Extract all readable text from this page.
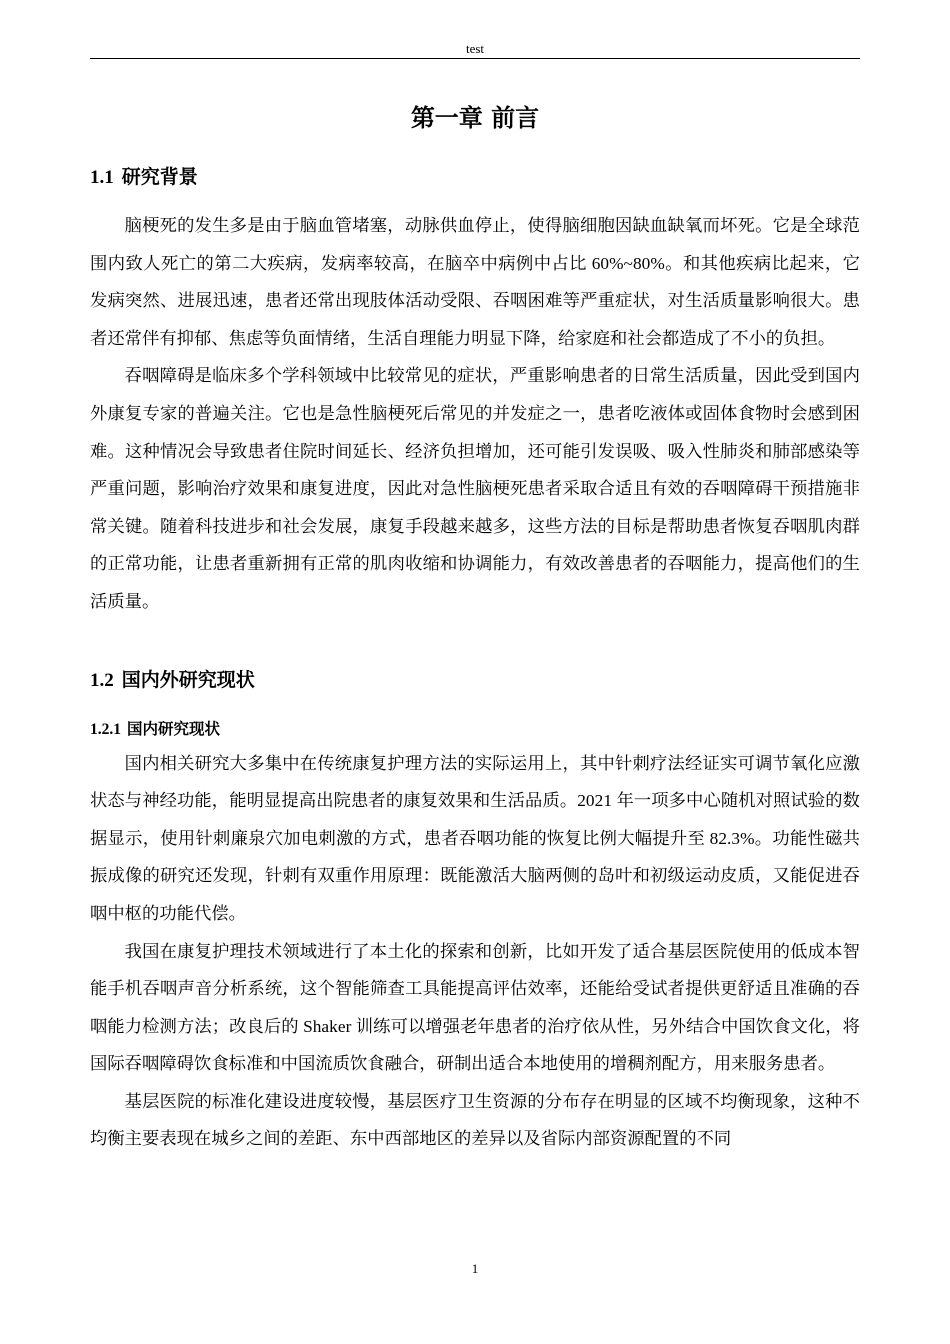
test
第一章 前言
1.1 研究背景

脑梗死的发生多是由于脑血管堵塞，动脉供血停止，使得脑细胞因缺血缺氧而坏死。它是全球范围内致人死亡的第二大疾病，发病率较高，在脑卒中病例中占比 60%~80%。和其他疾病比起来，它发病突然、进展迅速，患者还常出现肢体活动受限、吞咽困难等严重症状，对生活质量影响很大。患者还常伴有抑郁、焦虑等负面情绪，生活自理能力明显下降，给家庭和社会都造成了不小的负担。

吞咽障碍是临床多个学科领域中比较常见的症状，严重影响患者的日常生活质量，因此受到国内外康复专家的普遍关注。它也是急性脑梗死后常见的并发症之一，患者吃液体或固体食物时会感到困难。这种情况会导致患者住院时间延长、经济负担增加，还可能引发误吸、吸入性肺炎和肺部感染等严重问题，影响治疗效果和康复进度，因此对急性脑梗死患者采取合适且有效的吞咽障碍干预措施非常关键。随着科技进步和社会发展，康复手段越来越多，这些方法的目标是帮助患者恢复吞咽肌肉群的正常功能，让患者重新拥有正常的肌肉收缩和协调能力，有效改善患者的吞咽能力，提高他们的生活质量。

1.2 国内外研究现状
1.2.1 国内研究现状

国内相关研究大多集中在传统康复护理方法的实际运用上，其中针刺疗法经证实可调节氧化应激状态与神经功能，能明显提高出院患者的康复效果和生活品质。2021 年一项多中心随机对照试验的数据显示，使用针刺廉泉穴加电刺激的方式，患者吞咽功能的恢复比例大幅提升至 82.3%。功能性磁共振成像的研究还发现，针刺有双重作用原理：既能激活大脑两侧的岛叶和初级运动皮质，又能促进吞咽中枢的功能代偿。

我国在康复护理技术领域进行了本土化的探索和创新，比如开发了适合基层医院使用的低成本智能手机吞咽声音分析系统，这个智能筛查工具能提高评估效率，还能给受试者提供更舒适且准确的吞咽能力检测方法；改良后的 Shaker 训练可以增强老年患者的治疗依从性，另外结合中国饮食文化，将国际吞咽障碍饮食标准和中国流质饮食融合，研制出适合本地使用的增稠剂配方，用来服务患者。

基层医院的标准化建设进度较慢，基层医疗卫生资源的分布存在明显的区域不均衡现象，这种不均衡主要表现在城乡之间的差距、东中西部地区的差异以及省际内部资源配置的不同

1
